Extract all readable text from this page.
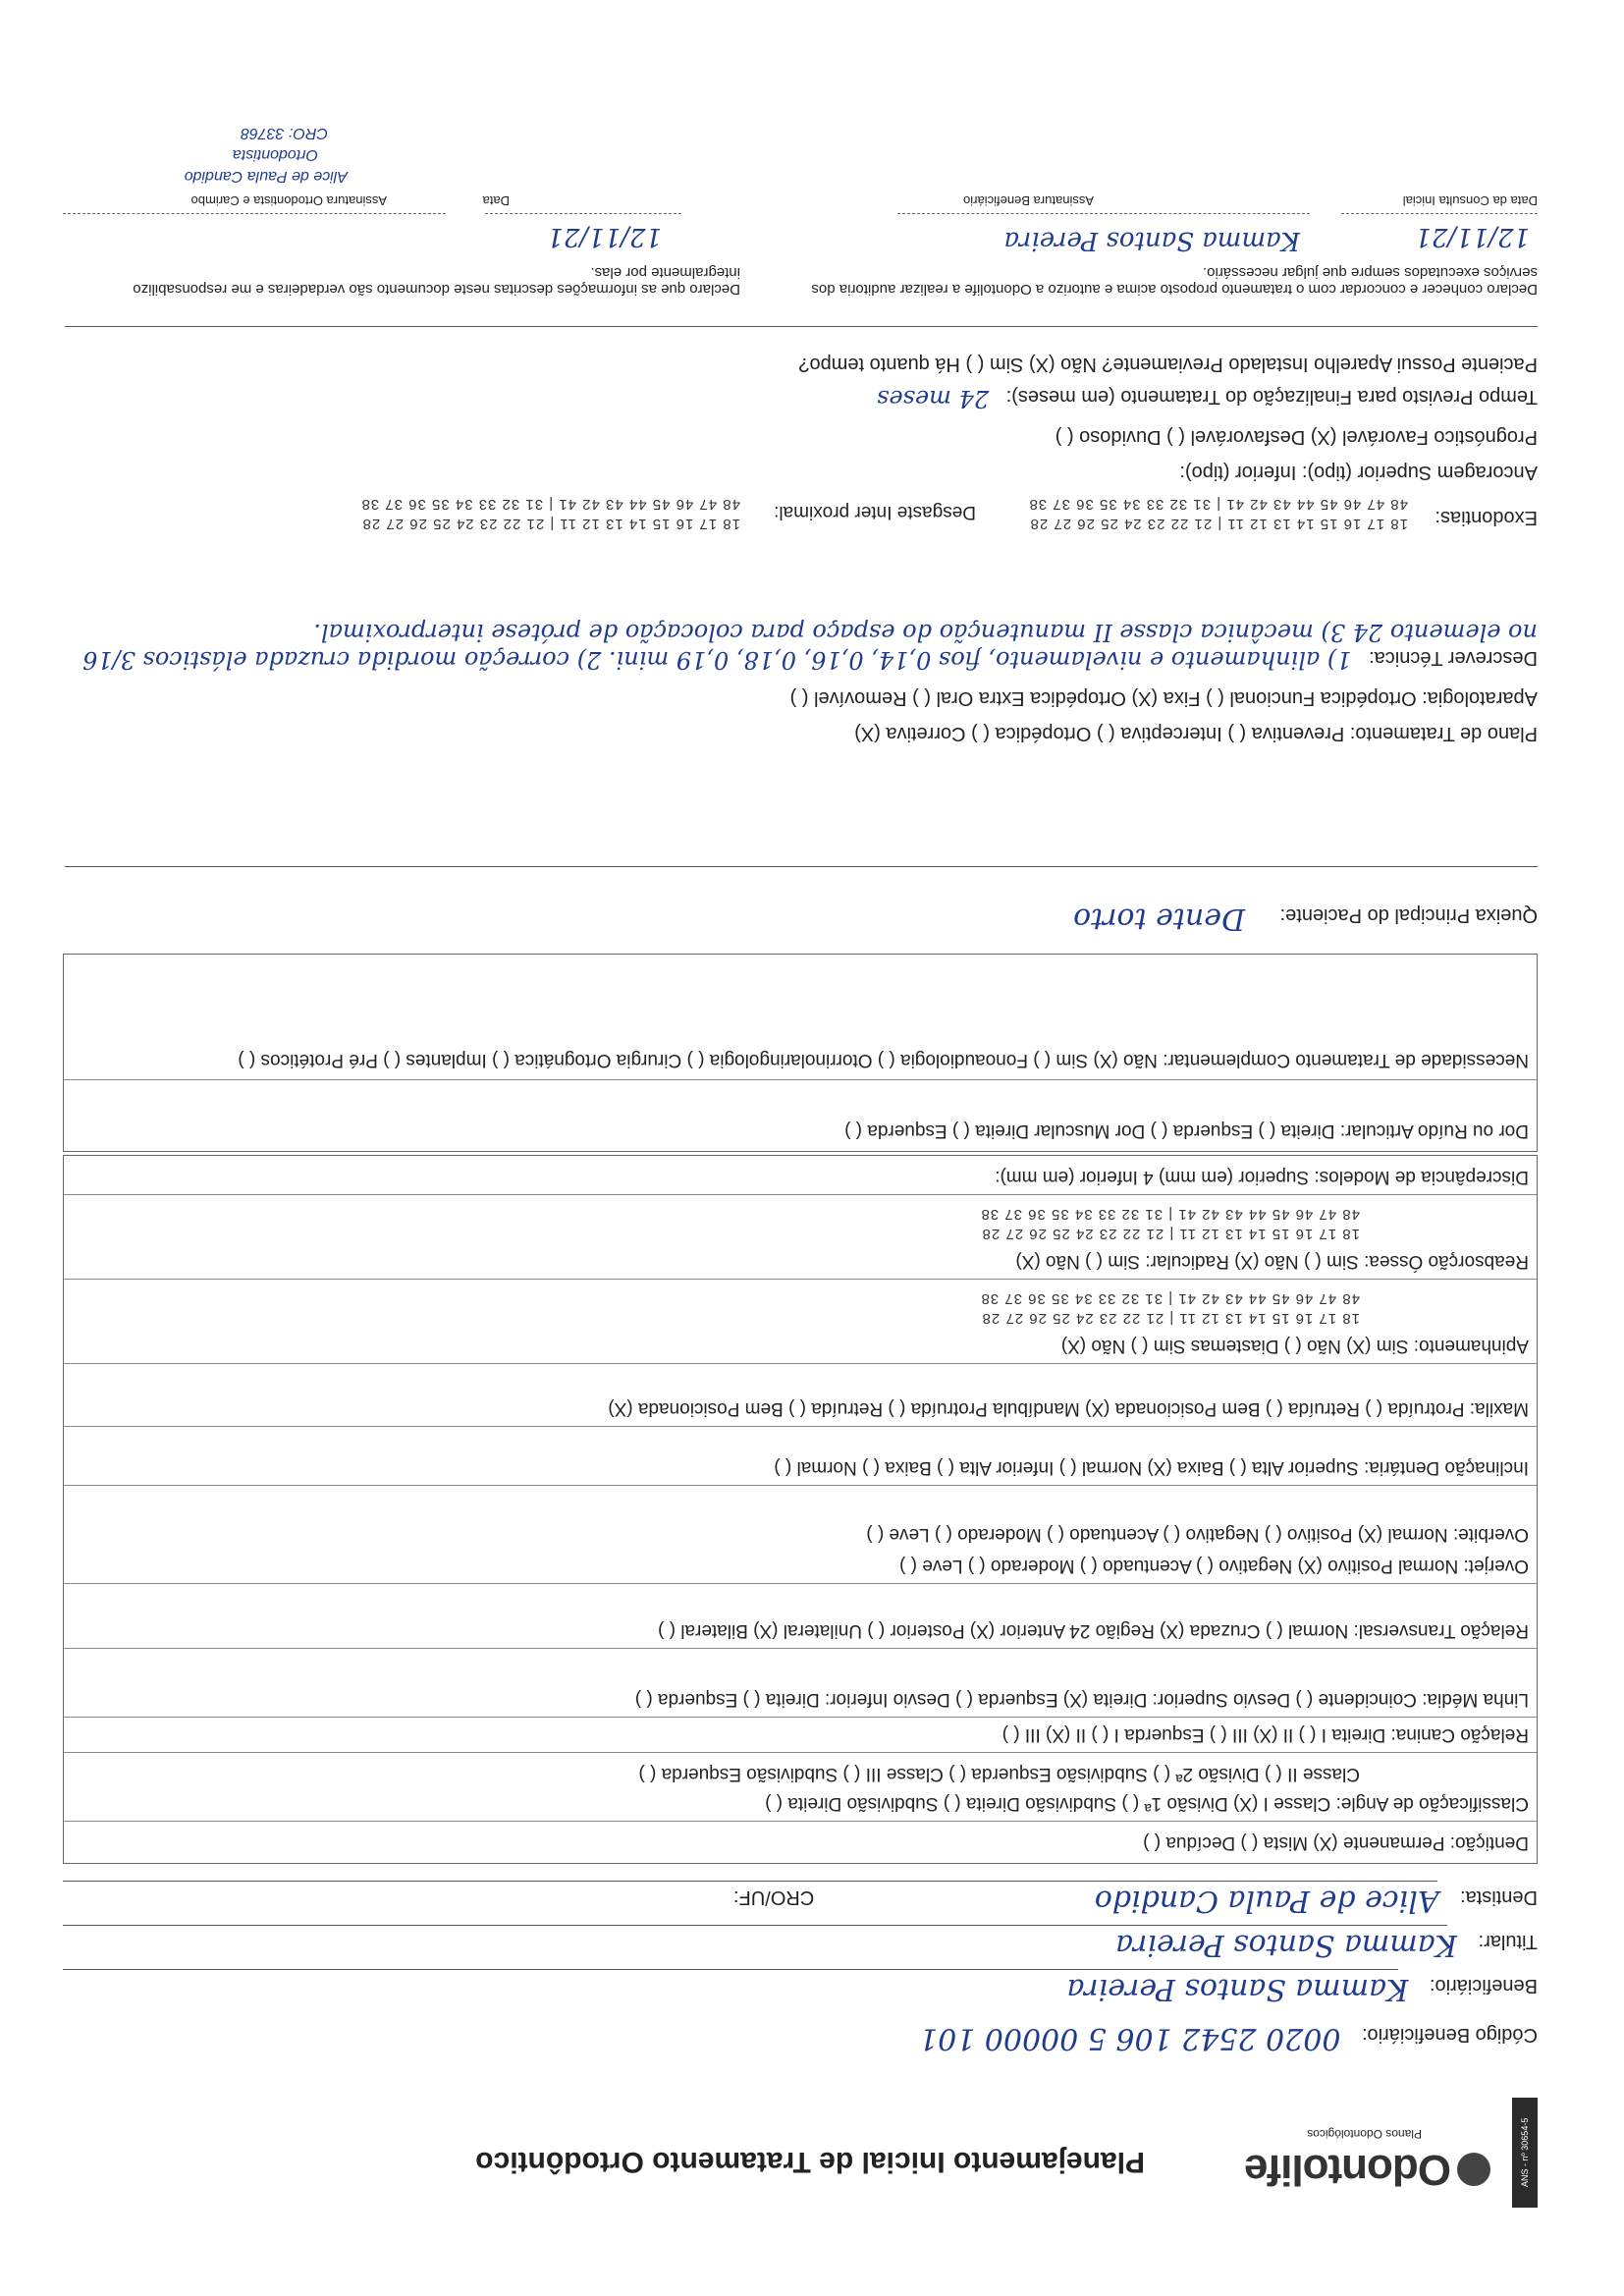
ANS - nº 30654-5
Odontolife
Planos Odontológicos
Planejamento Inicial de Tratamento Ortodôntico
Código Beneficiário: 0020 2542 106 5 00000 101
Beneficiário: Kamma Santos Pereira
Titular: Kamma Santos Pereira
Dentista: Alice de Paula Candido CRO/UF:
Dentição: Permanente (X) Mista ( ) Decídua ( )
Classificação de Angle: Classe I (X) Divisão 1ª ( ) Subdivisão Direita ( ) Subdivisão Direita ( )
Classe II ( ) Divisão 2ª ( ) Subdivisão Esquerda ( ) Classe III ( ) Subdivisão Esquerda ( )
Relação Canina: Direita I ( ) II (X) III ( ) Esquerda I ( ) II (X) III ( )
Linha Média: Coincidente ( ) Desvio Superior: Direita (X) Esquerda ( ) Desvio Inferior: Direita ( ) Esquerda ( )
Relação Transversal: Normal ( ) Cruzada (X) Região 24 Anterior (X) Posterior ( ) Unilateral (X) Bilateral ( )
Overjet: Normal Positivo (X) Negativo ( ) Acentuado ( ) Moderado ( ) Leve ( )
Overbite: Normal (X) Positivo ( ) Negativo ( ) Acentuado ( ) Moderado ( ) Leve ( )
Inclinação Dentária: Superior Alta ( ) Baixa (X) Normal ( ) Inferior Alta ( ) Baixa ( ) Normal ( )
Maxila: Protruída ( ) Retruída ( ) Bem Posicionada (X) Mandíbula Protruída ( ) Retruída ( ) Bem Posicionada (X)
Apinhamento: Sim (X) Não ( ) Diastemas Sim ( ) Não (X)
18 17 16 15 14 13 12 11 | 21 22 23 24 25 26 27 28
48 47 46 45 44 43 42 41 | 31 32 33 34 35 36 37 38
Reabsorção Óssea: Sim ( ) Não (X) Radicular: Sim ( ) Não (X)
18 17 16 15 14 13 12 11 | 21 22 23 24 25 26 27 28
48 47 46 45 44 43 42 41 | 31 32 33 34 35 36 37 38
Discrepância de Modelos: Superior (em mm) 4 Inferior (em mm):
Dor ou Ruído Articular: Direita ( ) Esquerda ( ) Dor Muscular Direita ( ) Esquerda ( )
Necessidade de Tratamento Complementar: Não (X) Sim ( ) Fonoaudiologia ( ) Otorrinolaringologia ( ) Cirurgia Ortognática ( ) Implantes ( ) Pré Protéticos ( )
Queixa Principal do Paciente: Dente torto
Plano de Tratamento: Preventiva ( ) Interceptiva ( ) Ortopédica ( ) Corretiva (X)
Aparatologia: Ortopédica Funcional ( ) Fixa (X) Ortopédica Extra Oral ( ) Removível ( )
Descrever Técnica: 1) alinhamento e nivelamento, fios 0,14, 0,16, 0,18, 0,19 mini. 2) correção mordida cruzada elásticos 3/16 no elemento 24 3) mecânica classe II manutenção do espaço para colocação de prótese interproximal.
Exodontias:
18 17 16 15 14 13 12 11 | 21 22 23 24 25 26 27 28
48 47 46 45 44 43 42 41 | 31 32 33 34 35 36 37 38
Desgaste Inter proximal:
18 17 16 15 14 13 12 11 | 21 22 23 24 25 26 27 28
48 47 46 45 44 43 42 41 | 31 32 33 34 35 36 37 38
Ancoragem Superior (tipo): Inferior (tipo):
Prognóstico Favorável (X) Desfavorável ( ) Duvidoso ( )
Tempo Previsto para Finalização do Tratamento (em meses): 24 meses
Paciente Possui Aparelho Instalado Previamente? Não (X) Sim ( ) Há quanto tempo?
Declaro conhecer e concordar com o tratamento proposto acima e autorizo a Odontolife a realizar auditoria dos serviços executados sempre que julgar necessário.
Declaro que as informações descritas neste documento são verdadeiras e me responsabilizo integralmente por elas.
12/11/21
Data da Consulta Inicial
Kamma Santos Pereira
Assinatura Beneficiário
12/11/21
Data
Assinatura Ortodontista e Carimbo
Alice de Paula Candido
Ortodontista
CRO: 33768
